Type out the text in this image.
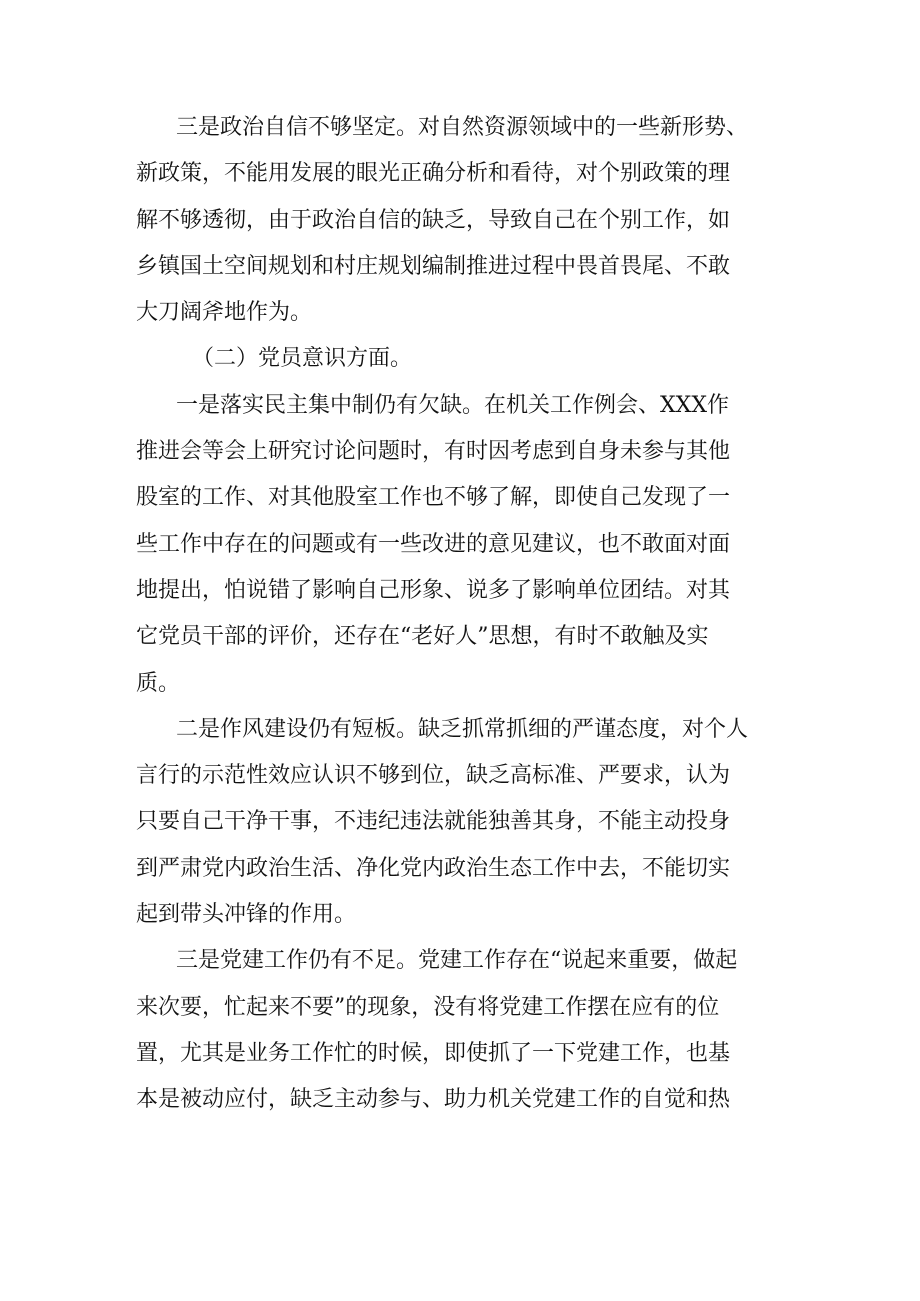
三是政治自信不够坚定。对自然资源领域中的一些新形势、
新政策，不能用发展的眼光正确分析和看待，对个别政策的理
解不够透彻，由于政治自信的缺乏，导致自己在个别工作，如
乡镇国土空间规划和村庄规划编制推进过程中畏首畏尾、不敢
大刀阔斧地作为。
（二）党员意识方面。
一是落实民主集中制仍有欠缺。在机关工作例会、XXX作
推进会等会上研究讨论问题时，有时因考虑到自身未参与其他
股室的工作、对其他股室工作也不够了解，即使自己发现了一
些工作中存在的问题或有一些改进的意见建议，也不敢面对面
地提出，怕说错了影响自己形象、说多了影响单位团结。对其
它党员干部的评价，还存在“老好人”思想，有时不敢触及实
质。
二是作风建设仍有短板。缺乏抓常抓细的严谨态度，对个人
言行的示范性效应认识不够到位，缺乏高标准、严要求，认为
只要自己干净干事，不违纪违法就能独善其身，不能主动投身
到严肃党内政治生活、净化党内政治生态工作中去，不能切实
起到带头冲锋的作用。
三是党建工作仍有不足。党建工作存在“说起来重要，做起
来次要，忙起来不要”的现象，没有将党建工作摆在应有的位
置，尤其是业务工作忙的时候，即使抓了一下党建工作，也基
本是被动应付，缺乏主动参与、助力机关党建工作的自觉和热
